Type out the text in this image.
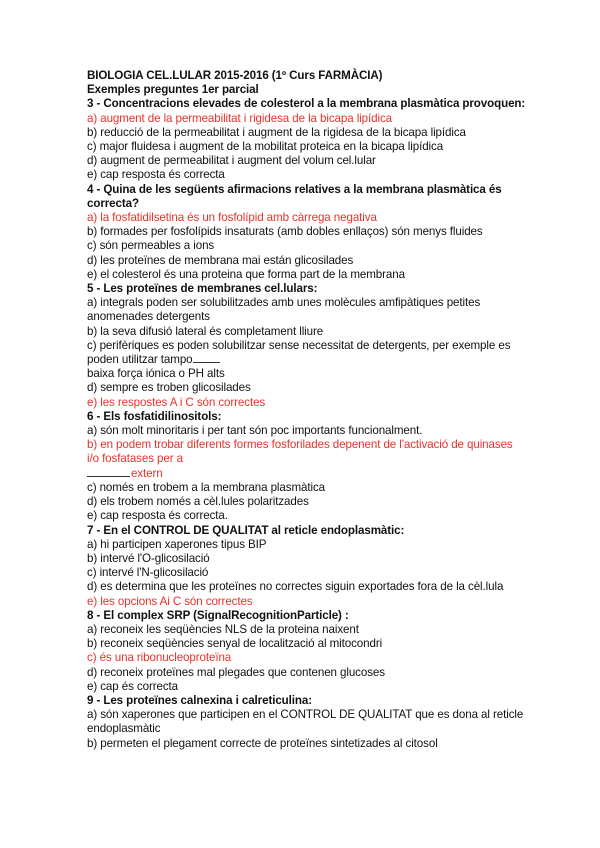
BIOLOGIA CEL.LULAR 2015-2016 (1º Curs FARMÀCIA)
Exemples preguntes 1er parcial
3 - Concentracions elevades de colesterol a la membrana plasmàtica provoquen:
a) augment de la permeabilitat i rigidesa de la bicapa lipídica
b) reducció de la permeabilitat i augment de la rigidesa de la bicapa lipídica
c) major fluidesa i augment de la mobilitat proteica en la bicapa lipídica
d) augment de permeabilitat i augment del volum cel.lular
e) cap resposta és correcta
4 - Quina de les següents afirmacions relatives a la membrana plasmàtica és correcta?
a) la fosfatidilsetina és un fosfolípid amb càrrega negativa
b) formades per fosfolípids insaturats (amb dobles enllaços) són menys fluides
c) són permeables a ions
d) les proteïnes de membrana mai están glicosilades
e) el colesterol és una proteina que forma part de la membrana
5 - Les proteïnes de membranes cel.lulars:
a) integrals poden ser solubilitzades amb unes molècules amfipàtiques petites anomenades detergents
b) la seva difusió lateral és completament lliure
c) perifèriques es poden solubilitzar sense necessitat de detergents, per exemple es poden utilitzar tampo
baixa força iónica o PH alts
d) sempre es troben glicosilades
e) les respostes A i C són correctes
6 - Els fosfatidilinositols:
a) són molt minoritaris i per tant són poc importants funcionalment.
b) en podem trobar diferents formes fosforilades depenent de l'activació de quinases i/o fosfatases per a
extern
c) només en trobem a la membrana plasmàtica
d) els trobem només a cèl.lules polaritzades
e) cap resposta és correcta.
7 - En el CONTROL DE QUALITAT al reticle endoplasmàtic:
a) hi participen xaperones tipus BIP
b) intervé l'O-glicosilació
c) intervé l'N-glicosilació
d) es determina que les proteïnes no correctes siguin exportades fora de la cèl.lula
e) les opcions Ai C són correctes
8 - El complex SRP (SignalRecognitionParticle) :
a) reconeix les seqüències NLS de la proteina naixent
b) reconeix seqüències senyal de localització al mitocondri
c) és una ribonucleoproteïna
d) reconeix proteïnes mal plegades que contenen glucoses
e) cap és correcta
9 - Les proteïnes calnexina i calreticulina:
a) són xaperones que participen en el CONTROL DE QUALITAT que es dona al reticle endoplasmàtic
b) permeten el plegament correcte de proteïnes sintetizades al citosol
